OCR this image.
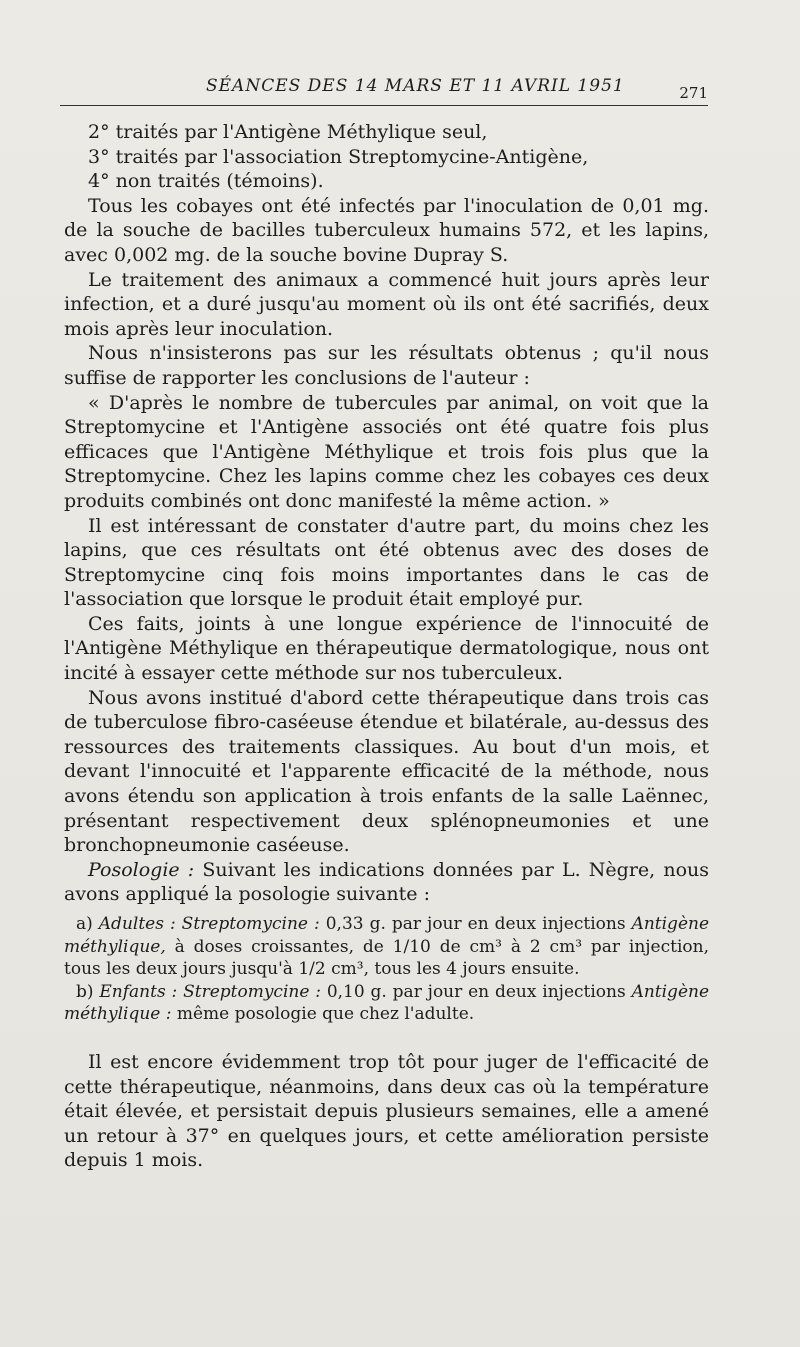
SÉANCES DES 14 MARS ET 11 AVRIL 1951	271

2° traités par l'Antigène Méthylique seul,

3° traités par l'association Streptomycine-Antigène,

4° non traités (témoins).

Tous les cobayes ont été infectés par l'inoculation de 0,01 mg. de la souche de bacilles tuberculeux humains 572, et les lapins, avec 0,002 mg. de la souche bovine Dupray S.

Le traitement des animaux a commencé huit jours après leur infection, et a duré jusqu'au moment où ils ont été sacrifiés, deux mois après leur inoculation.

Nous n'insisterons pas sur les résultats obtenus ; qu'il nous suffise de rapporter les conclusions de l'auteur :

« D'après le nombre de tubercules par animal, on voit que la Streptomycine et l'Antigène associés ont été quatre fois plus efficaces que l'Antigène Méthylique et trois fois plus que la Streptomycine. Chez les lapins comme chez les cobayes ces deux produits combinés ont donc manifesté la même action. »

Il est intéressant de constater d'autre part, du moins chez les lapins, que ces résultats ont été obtenus avec des doses de Streptomycine cinq fois moins importantes dans le cas de l'association que lorsque le produit était employé pur.

Ces faits, joints à une longue expérience de l'innocuité de l'Antigène Méthylique en thérapeutique dermatologique, nous ont incité à essayer cette méthode sur nos tuberculeux.

Nous avons institué d'abord cette thérapeutique dans trois cas de tuberculose fibro-caséeuse étendue et bilatérale, au-dessus des ressources des traitements classiques. Au bout d'un mois, et devant l'innocuité et l'apparente efficacité de la méthode, nous avons étendu son application à trois enfants de la salle Laënnec, présentant respectivement deux splénopneumonies et une bronchopneumonie caséeuse.

Posologie : Suivant les indications données par L. Nègre, nous avons appliqué la posologie suivante :

a) Adultes : Streptomycine : 0,33 g. par jour en deux injections Antigène méthylique, à doses croissantes, de 1/10 de cm³ à 2 cm³ par injection, tous les deux jours jusqu'à 1/2 cm³, tous les 4 jours ensuite.

b) Enfants : Streptomycine : 0,10 g. par jour en deux injections Antigène méthylique : même posologie que chez l'adulte.

Il est encore évidemment trop tôt pour juger de l'efficacité de cette thérapeutique, néanmoins, dans deux cas où la température était élevée, et persistait depuis plusieurs semaines, elle a amené un retour à 37° en quelques jours, et cette amélioration persiste depuis 1 mois.
